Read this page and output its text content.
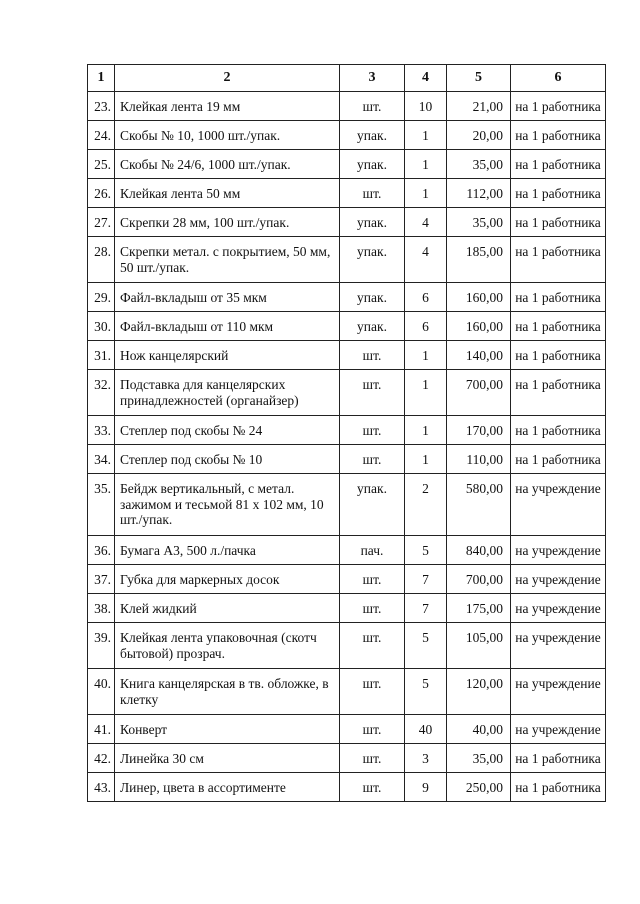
1	2	3	4	5	6
23.	Клейкая лента 19 мм	шт.	10	21,00	на 1 работника
24.	Скобы № 10, 1000 шт./упак.	упак.	1	20,00	на 1 работника
25.	Скобы № 24/6, 1000 шт./упак.	упак.	1	35,00	на 1 работника
26.	Клейкая лента 50 мм	шт.	1	112,00	на 1 работника
27.	Скрепки 28 мм, 100 шт./упак.	упак.	4	35,00	на 1 работника
28.	Скрепки метал. с покрытием, 50 мм, 50 шт./упак.	упак.	4	185,00	на 1 работника
29.	Файл-вкладыш от 35 мкм	упак.	6	160,00	на 1 работника
30.	Файл-вкладыш от 110 мкм	упак.	6	160,00	на 1 работника
31.	Нож канцелярский	шт.	1	140,00	на 1 работника
32.	Подставка для канцелярских принадлежностей (органайзер)	шт.	1	700,00	на 1 работника
33.	Степлер под скобы № 24	шт.	1	170,00	на 1 работника
34.	Степлер под скобы № 10	шт.	1	110,00	на 1 работника
35.	Бейдж вертикальный, с метал. зажимом и тесьмой 81 х 102 мм, 10 шт./упак.	упак.	2	580,00	на учреждение
36.	Бумага А3, 500 л./пачка	пач.	5	840,00	на учреждение
37.	Губка для маркерных досок	шт.	7	700,00	на учреждение
38.	Клей жидкий	шт.	7	175,00	на учреждение
39.	Клейкая лента упаковочная (скотч бытовой) прозрач.	шт.	5	105,00	на учреждение
40.	Книга канцелярская в тв. обложке, в клетку	шт.	5	120,00	на учреждение
41.	Конверт	шт.	40	40,00	на учреждение
42.	Линейка 30 см	шт.	3	35,00	на 1 работника
43.	Линер, цвета в ассортименте	шт.	9	250,00	на 1 работника
